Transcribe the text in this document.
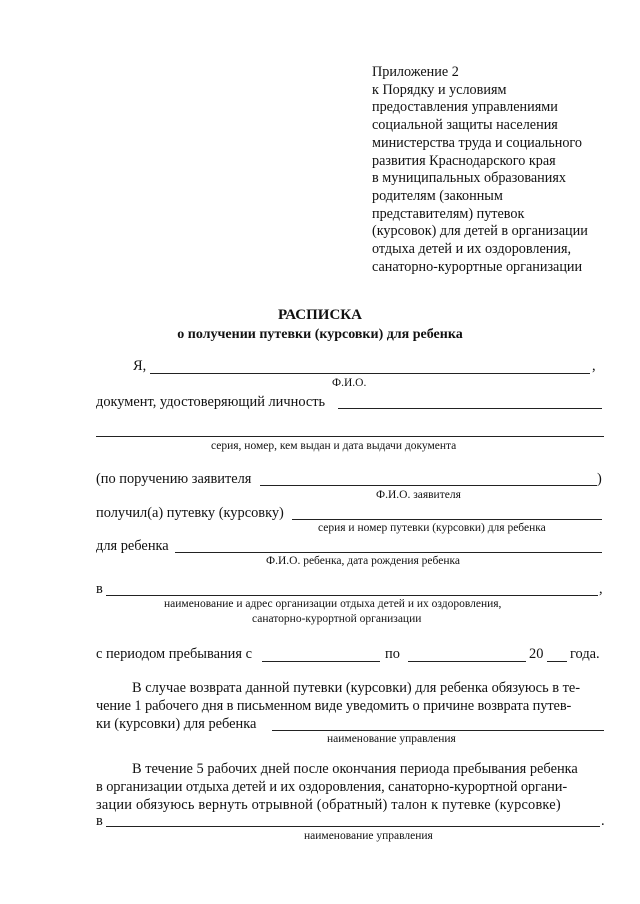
Приложение 2
к Порядку и условиям
предоставления управлениями
социальной защиты населения
министерства труда и социального
развития Краснодарского края
в муниципальных образованиях
родителям (законным
представителям) путевок
(курсовок) для детей в организации
отдыха детей и их оздоровления,
санаторно-курортные организации
РАСПИСКА
о получении путевки (курсовки) для ребенка
Я,	,
Ф.И.О.
документ, удостоверяющий личность
серия, номер, кем выдан и дата выдачи документа
(по поручению заявителя	)
Ф.И.О. заявителя
получил(а) путевку (курсовку)
серия и номер путевки (курсовки) для ребенка
для ребенка
Ф.И.О. ребенка, дата рождения ребенка
в	,
наименование и адрес организации отдыха детей и их оздоровления,
санаторно-курортной организации
с периодом пребывания с	по	20 года.
В случае возврата данной путевки (курсовки) для ребенка обязуюсь в те-
чение 1 рабочего дня в письменном виде уведомить о причине возврата путев-
ки (курсовки) для ребенка
наименование управления
В течение 5 рабочих дней после окончания периода пребывания ребенка
в организации отдыха детей и их оздоровления, санаторно-курортной органи-
зации обязуюсь вернуть отрывной (обратный) талон к путевке (курсовке)
в	.
наименование управления
